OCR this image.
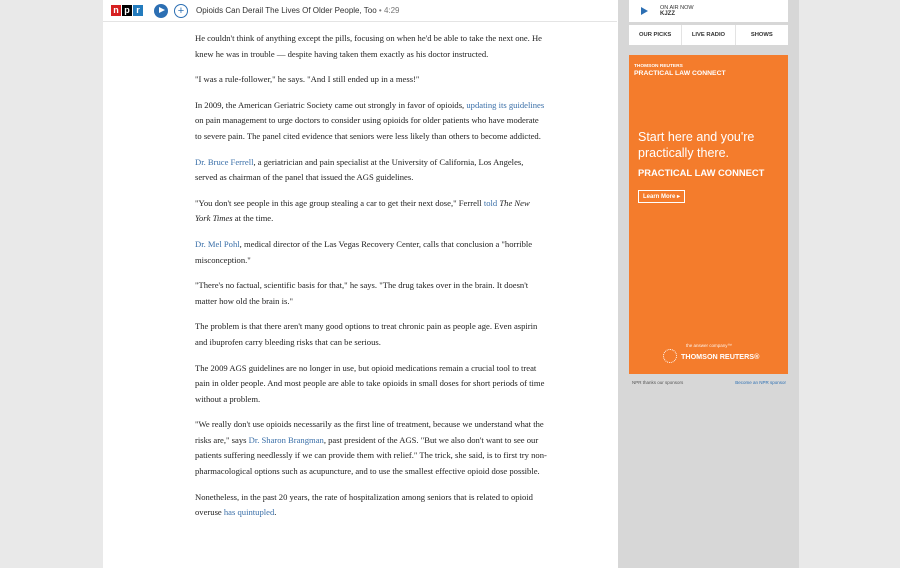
n p r	+	Opioids Can Derail The Lives Of Older People, Too • 4:29

He couldn't think of anything except the pills, focusing on when he'd be able to take the next one. He knew he was in trouble — despite having taken them exactly as his doctor instructed.

"I was a rule-follower," he says. "And I still ended up in a mess!"

In 2009, the American Geriatric Society came out strongly in favor of opioids, updating its guidelines on pain management to urge doctors to consider using opioids for older patients who have moderate to severe pain. The panel cited evidence that seniors were less likely than others to become addicted.

Dr. Bruce Ferrell, a geriatrician and pain specialist at the University of California, Los Angeles, served as chairman of the panel that issued the AGS guidelines.

"You don't see people in this age group stealing a car to get their next dose," Ferrell told The New York Times at the time.

Dr. Mel Pohl, medical director of the Las Vegas Recovery Center, calls that conclusion a "horrible misconception."

"There's no factual, scientific basis for that," he says. "The drug takes over in the brain. It doesn't matter how old the brain is."

The problem is that there aren't many good options to treat chronic pain as people age. Even aspirin and ibuprofen carry bleeding risks that can be serious.

The 2009 AGS guidelines are no longer in use, but opioid medications remain a crucial tool to treat pain in older people. And most people are able to take opioids in small doses for short periods of time without a problem.

"We really don't use opioids necessarily as the first line of treatment, because we understand what the risks are," says Dr. Sharon Brangman, past president of the AGS. "But we also don't want to see our patients suffering needlessly if we can provide them with relief." The trick, she said, is to first try non-pharmacological options such as acupuncture, and to use the smallest effective opioid dose possible.

Nonetheless, in the past 20 years, the rate of hospitalization among seniors that is related to opioid overuse has quintupled.

ON AIR NOW
KJZZ
OUR PICKS	LIVE RADIO	SHOWS
THOMSON REUTERS
PRACTICAL LAW CONNECT
Start here and you're practically there.
PRACTICAL LAW CONNECT
Learn More ▸
the answer company™
THOMSON REUTERS®
NPR thanks our sponsors	Become an NPR sponsor
